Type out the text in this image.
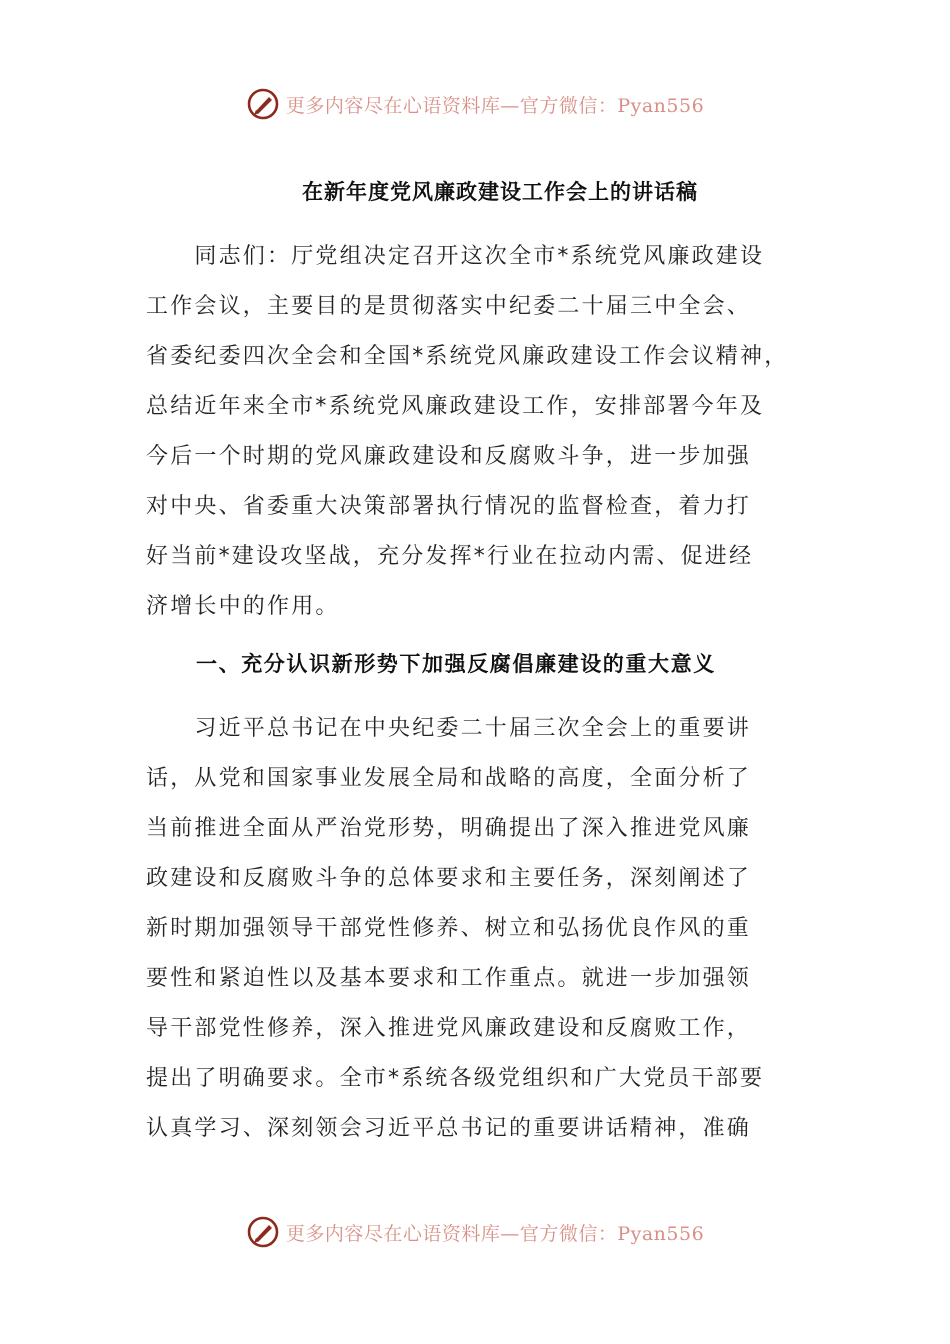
更多内容尽在心语资料库—官方微信：Pyan556
在新年度党风廉政建设工作会上的讲话稿
　　同志们：厅党组决定召开这次全市*系统党风廉政建设
工作会议，主要目的是贯彻落实中纪委二十届三中全会、
省委纪委四次全会和全国*系统党风廉政建设工作会议精神，
总结近年来全市*系统党风廉政建设工作，安排部署今年及
今后一个时期的党风廉政建设和反腐败斗争，进一步加强
对中央、省委重大决策部署执行情况的监督检查，着力打
好当前*建设攻坚战，充分发挥*行业在拉动内需、促进经
济增长中的作用。
一、充分认识新形势下加强反腐倡廉建设的重大意义
　　习近平总书记在中央纪委二十届三次全会上的重要讲
话，从党和国家事业发展全局和战略的高度，全面分析了
当前推进全面从严治党形势，明确提出了深入推进党风廉
政建设和反腐败斗争的总体要求和主要任务，深刻阐述了
新时期加强领导干部党性修养、树立和弘扬优良作风的重
要性和紧迫性以及基本要求和工作重点。就进一步加强领
导干部党性修养，深入推进党风廉政建设和反腐败工作，
提出了明确要求。全市*系统各级党组织和广大党员干部要
认真学习、深刻领会习近平总书记的重要讲话精神，准确
更多内容尽在心语资料库—官方微信：Pyan556
